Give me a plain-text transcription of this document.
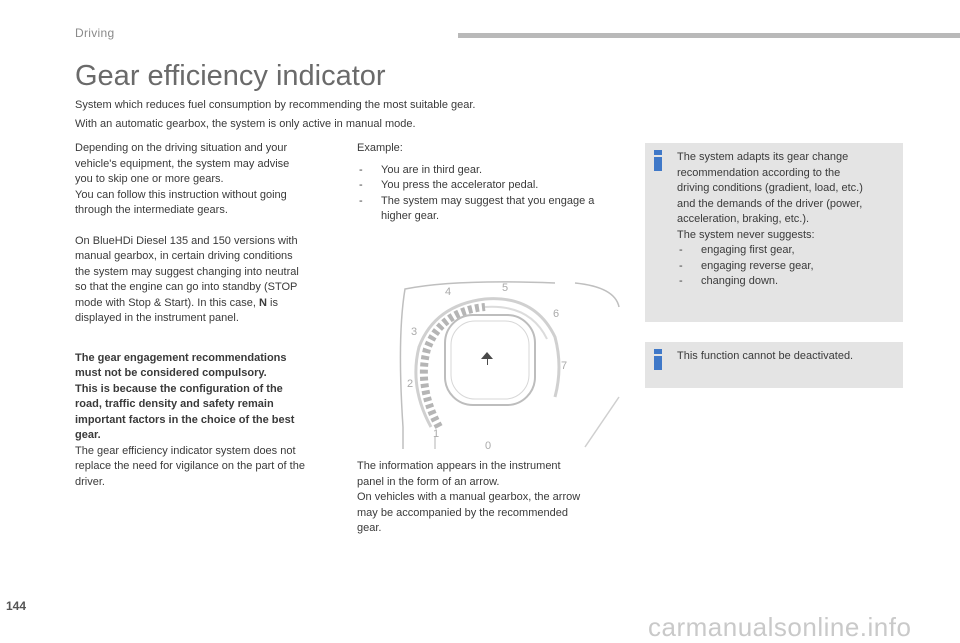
Driving
Gear efficiency indicator
System which reduces fuel consumption by recommending the most suitable gear.
With an automatic gearbox, the system is only active in manual mode.

Depending on the driving situation and your
vehicle's equipment, the system may advise
you to skip one or more gears.
You can follow this instruction without going
through the intermediate gears.

On BlueHDi Diesel 135 and 150 versions with
manual gearbox, in certain driving conditions
the system may suggest changing into neutral
so that the engine can go into standby (STOP
mode with Stop & Start). In this case, N is
displayed in the instrument panel.

The gear engagement recommendations
must not be considered compulsory.
This is because the configuration of the
road, traffic density and safety remain
important factors in the choice of the best
gear.

The gear efficiency indicator system does not
replace the need for vigilance on the part of the
driver.

Example:

- You are in third gear.
- You press the accelerator pedal.
- The system may suggest that you engage a higher gear.
0
1
2
3
4	5
6
7

The information appears in the instrument
panel in the form of an arrow.
On vehicles with a manual gearbox, the arrow
may be accompanied by the recommended
gear.

The system adapts its gear change
recommendation according to the
driving conditions (gradient, load, etc.)
and the demands of the driver (power,
acceleration, braking, etc.).
The system never suggests:

- engaging first gear,
- engaging reverse gear,
- changing down.

This function cannot be deactivated.

144
carmanualsonline.info
